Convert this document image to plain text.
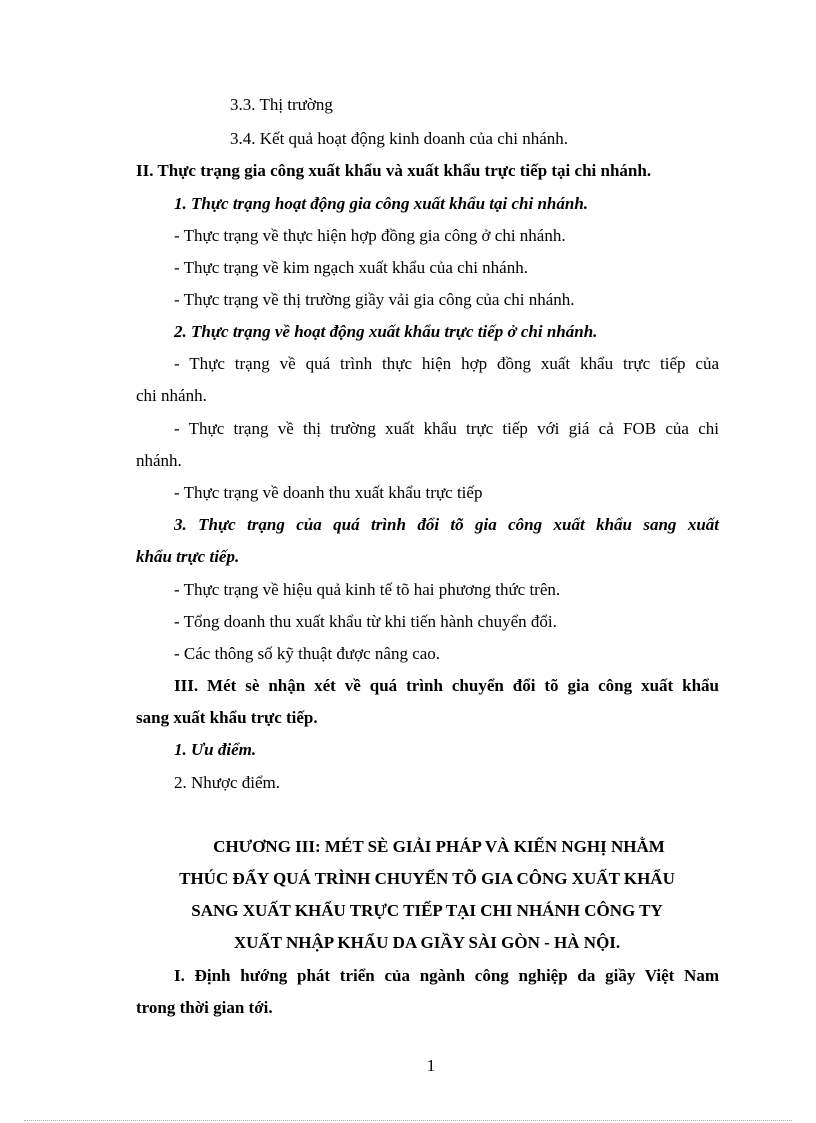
3.3. Thị trường
3.4. Kết quả hoạt động kinh doanh của chi nhánh.
II. Thực trạng gia công xuất khẩu và xuất khẩu trực tiếp tại chi nhánh.
1. Thực trạng hoạt động gia công xuất khẩu tại chi nhánh.
- Thực trạng về thực hiện hợp đồng gia công ở chi nhánh.
- Thực trạng về kim ngạch xuất khẩu của chi nhánh.
- Thực trạng về thị trường giầy vải gia công của chi nhánh.
2. Thực trạng về hoạt động xuất khẩu trực tiếp ở chi nhánh.
- Thực trạng về quá trình thực hiện hợp đồng xuất khẩu trực tiếp của
chi nhánh.
- Thực trạng về thị trường xuất khẩu trực tiếp với giá cả FOB của chi
nhánh.
- Thực trạng về doanh thu xuất khẩu trực tiếp
3. Thực trạng của quá trình đổi tõ gia công xuất khẩu sang xuất
khẩu trực tiếp.
- Thực trạng về hiệu quả kinh tế tõ hai phương thức trên.
- Tổng doanh thu xuất khẩu từ khi tiến hành chuyển đổi.
- Các thông số kỹ thuật được nâng cao.
III. Mét sè nhận xét về quá trình chuyển đổi tõ gia công xuất khẩu
sang xuất khẩu trực tiếp.
1. Ưu điểm.
2. Nhược điểm.
CHƯƠNG III: MÉT SÈ GIẢI PHÁP VÀ KIẾN NGHỊ NHẰM
THÚC ĐẨY QUÁ TRÌNH CHUYỂN TÕ GIA CÔNG XUẤT KHẨU
SANG XUẤT KHẨU TRỰC TIẾP TẠI CHI NHÁNH CÔNG TY
XUẤT NHẬP KHẨU DA GIẦY SÀI GÒN - HÀ NỘI.
I. Định hướng phát triển của ngành công nghiệp da giầy Việt Nam
trong thời gian tới.
1
